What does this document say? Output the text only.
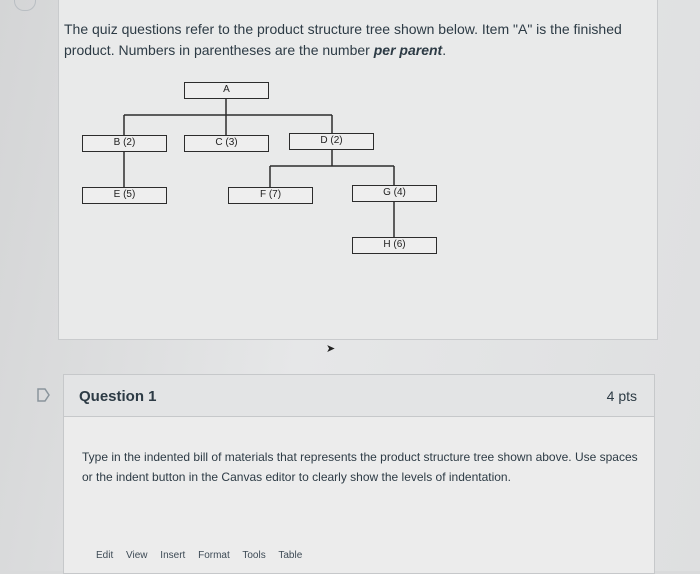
The quiz questions refer to the product structure tree shown below. Item "A" is the finished product. Numbers in parentheses are the number per parent.
A
B (2)	C (3)	D (2)
E (5)	F (7)	G (4)
H (6)
➤
Question 1	4 pts
Type in the indented bill of materials that represents the product structure tree shown above. Use spaces or the indent button in the Canvas editor to clearly show the levels of indentation.
Edit View Insert Format Tools Table
